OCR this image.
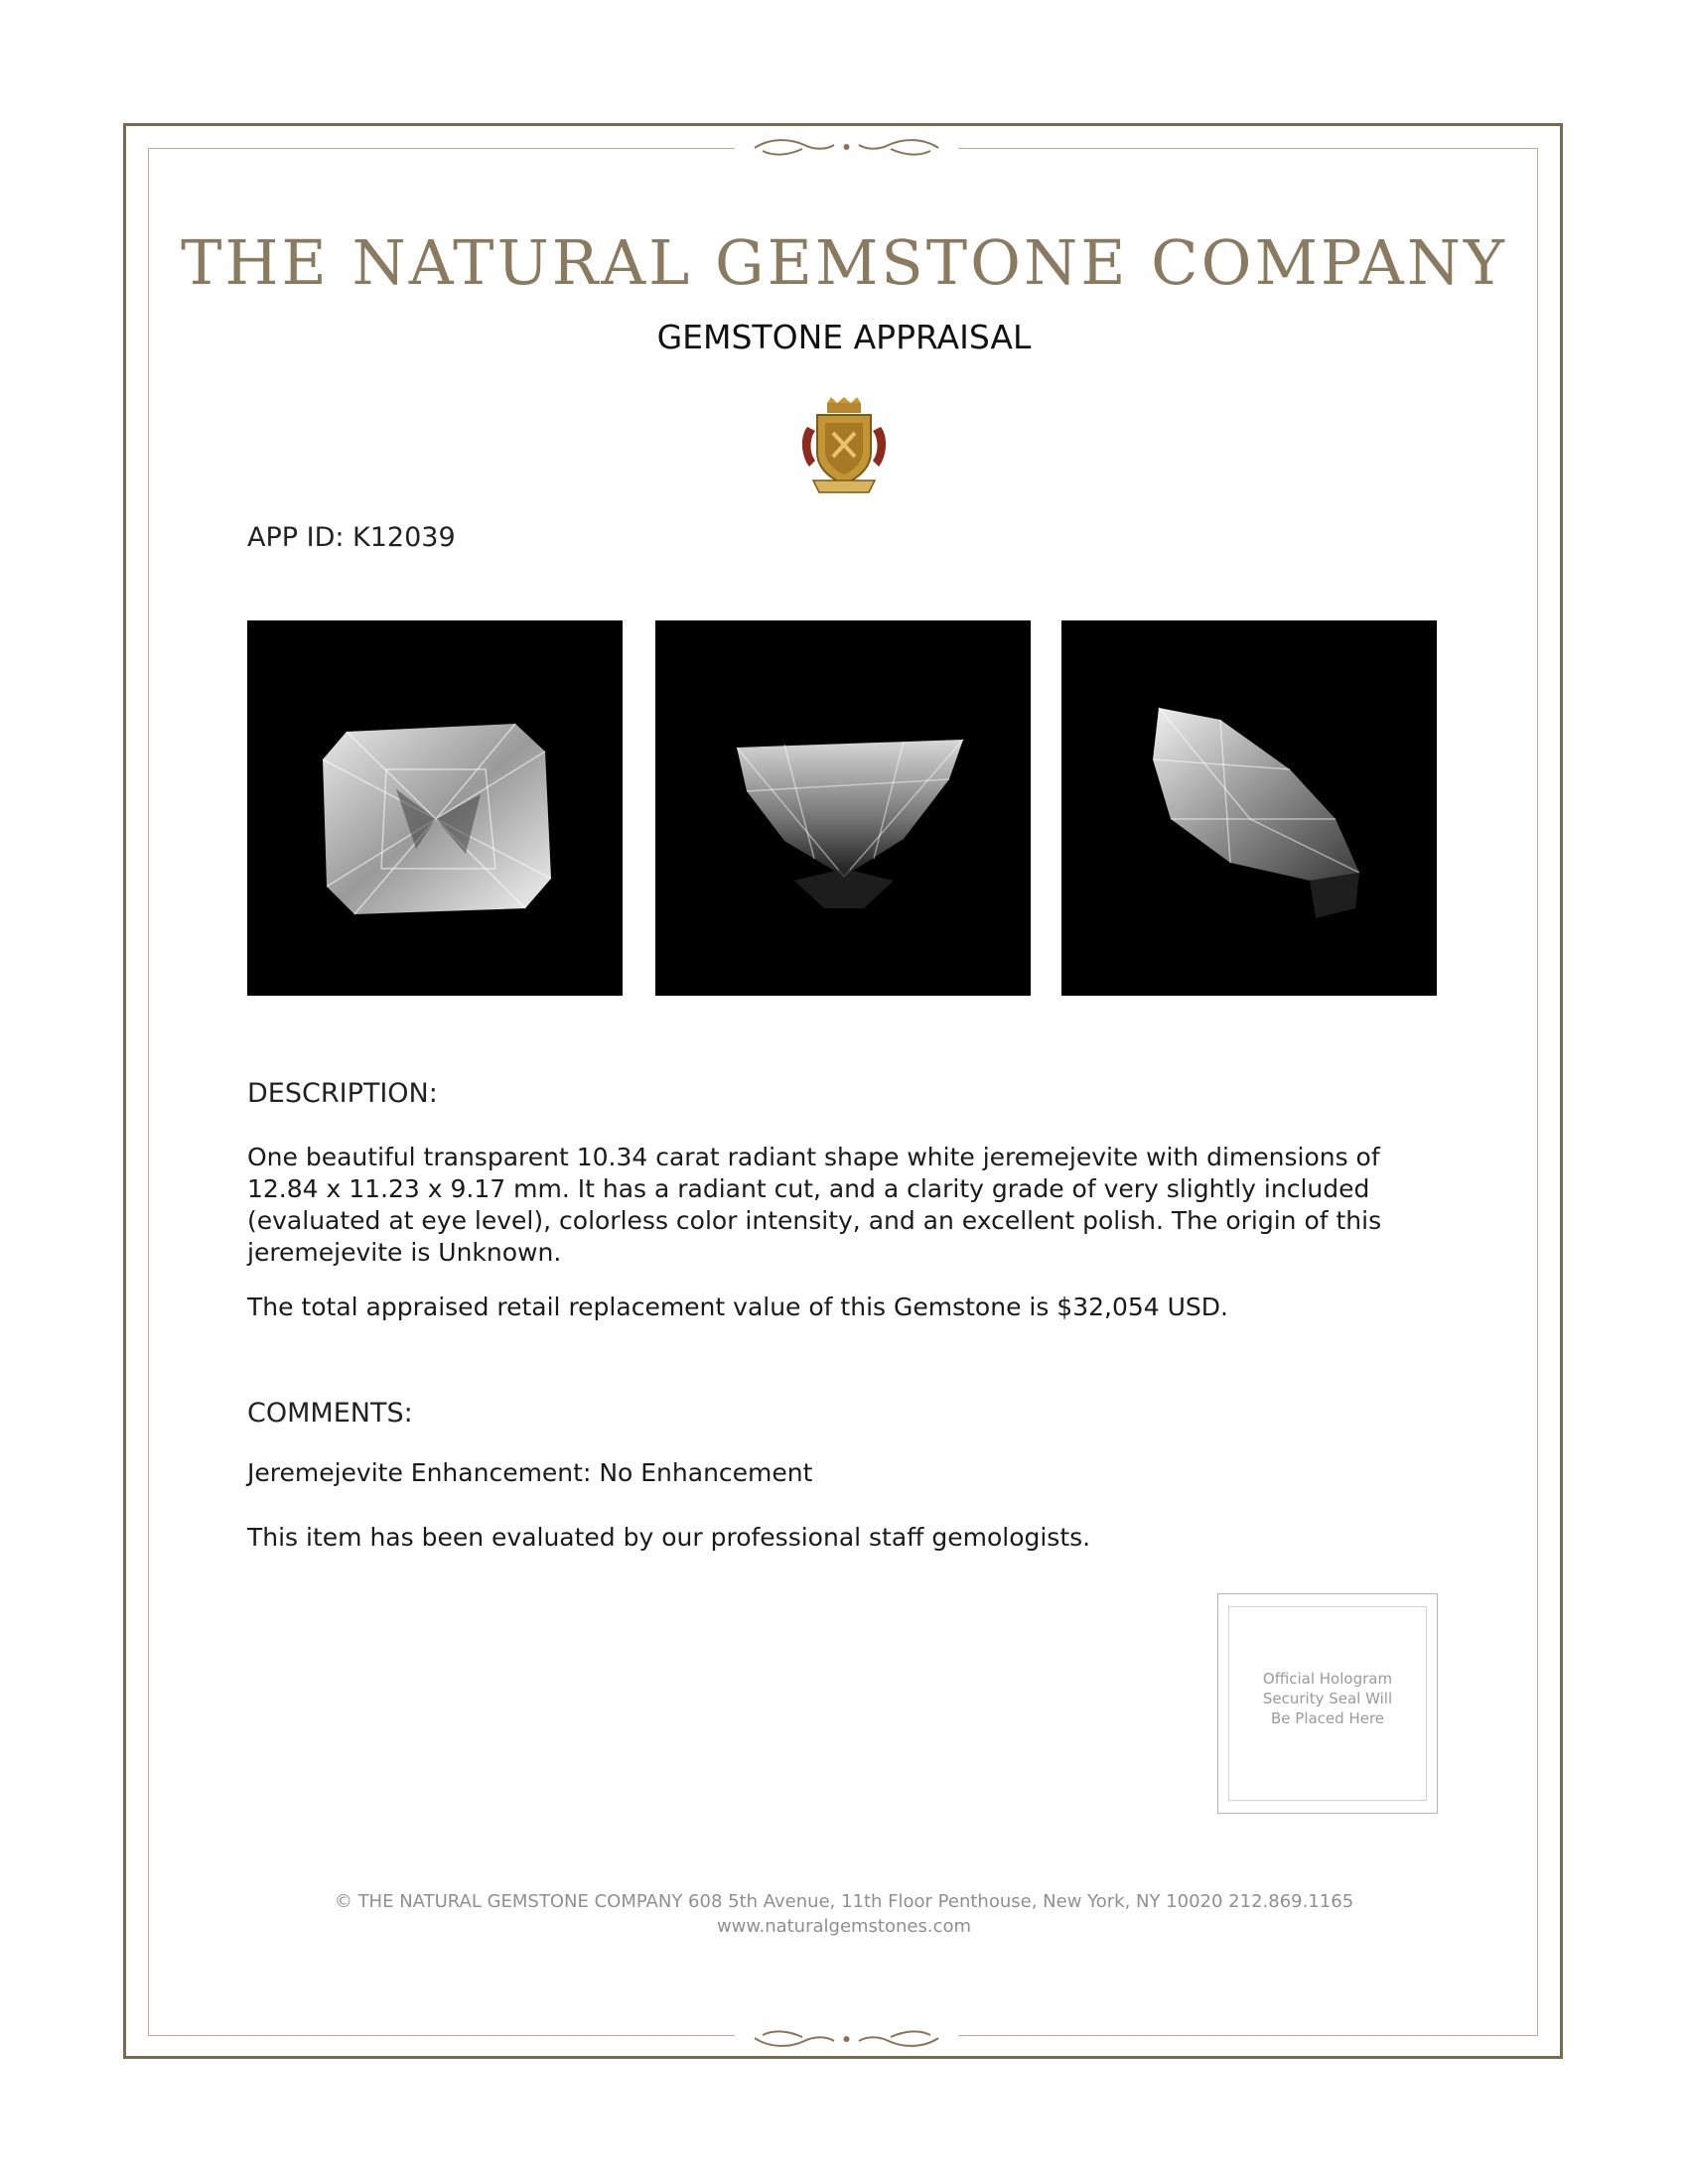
THE NATURAL GEMSTONE COMPANY
GEMSTONE APPRAISAL
APP ID: K12039
DESCRIPTION:

One beautiful transparent 10.34 carat radiant shape white jeremejevite with dimensions of 12.84 x 11.23 x 9.17 mm. It has a radiant cut, and a clarity grade of very slightly included (evaluated at eye level), colorless color intensity, and an excellent polish. The origin of this jeremejevite is Unknown.

The total appraised retail replacement value of this Gemstone is $32,054 USD.

COMMENTS:

Jeremejevite Enhancement: No Enhancement

This item has been evaluated by our professional staff gemologists.

Official Hologram
Security Seal Will
Be Placed Here

© THE NATURAL GEMSTONE COMPANY 608 5th Avenue, 11th Floor Penthouse, New York, NY 10020 212.869.1165

www.naturalgemstones.com
